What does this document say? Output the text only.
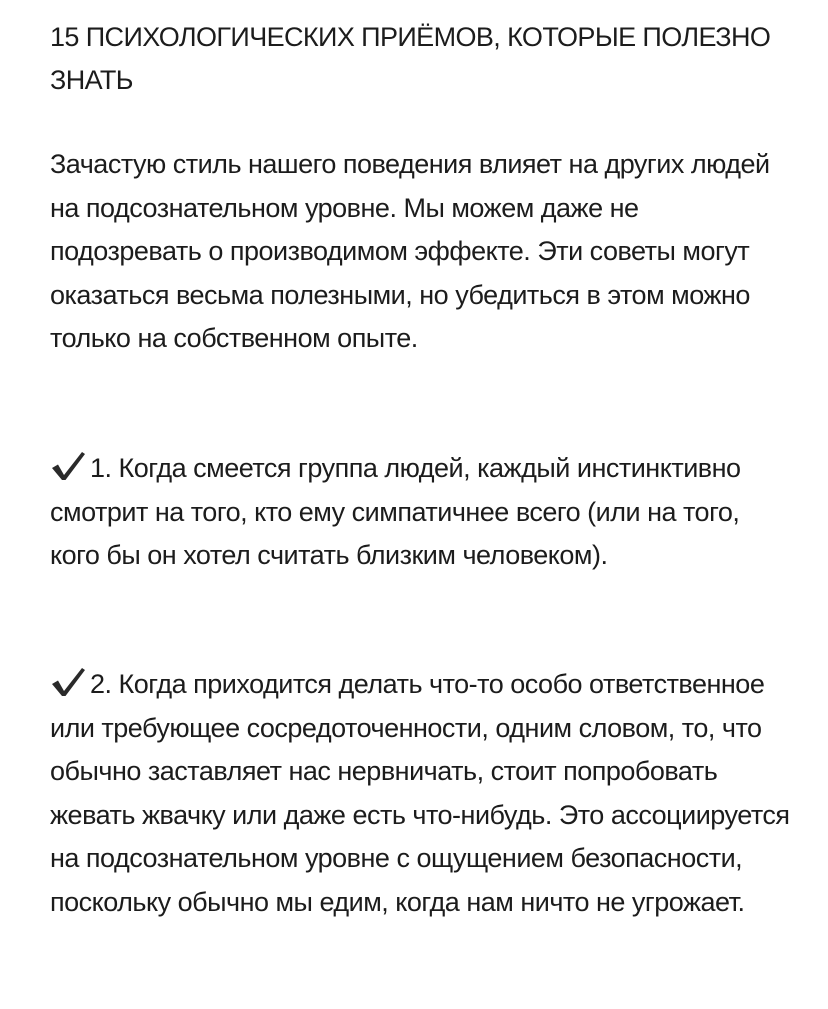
15 ПСИХОЛОГИЧЕСКИХ ПРИЁМОВ, КОТОРЫЕ ПОЛЕЗНО ЗНАТЬ

Зачастую стиль нашего поведения влияет на других людей на подсознательном уровне. Мы можем даже не подозревать о производимом эффекте. Эти советы могут оказаться весьма полезными, но убедиться в этом можно только на собственном опыте.

1. Когда смеется группа людей, каждый инстинктивно смотрит на того, кто ему симпатичнее всего (или на того, кого бы он хотел считать близким человеком).

2. Когда приходится делать что-то особо ответственное или требующее сосредоточенности, одним словом, то, что обычно заставляет нас нервничать, стоит попробовать жевать жвачку или даже есть что-нибудь. Это ассоциируется на подсознательном уровне с ощущением безопасности, поскольку обычно мы едим, когда нам ничто не угрожает.
